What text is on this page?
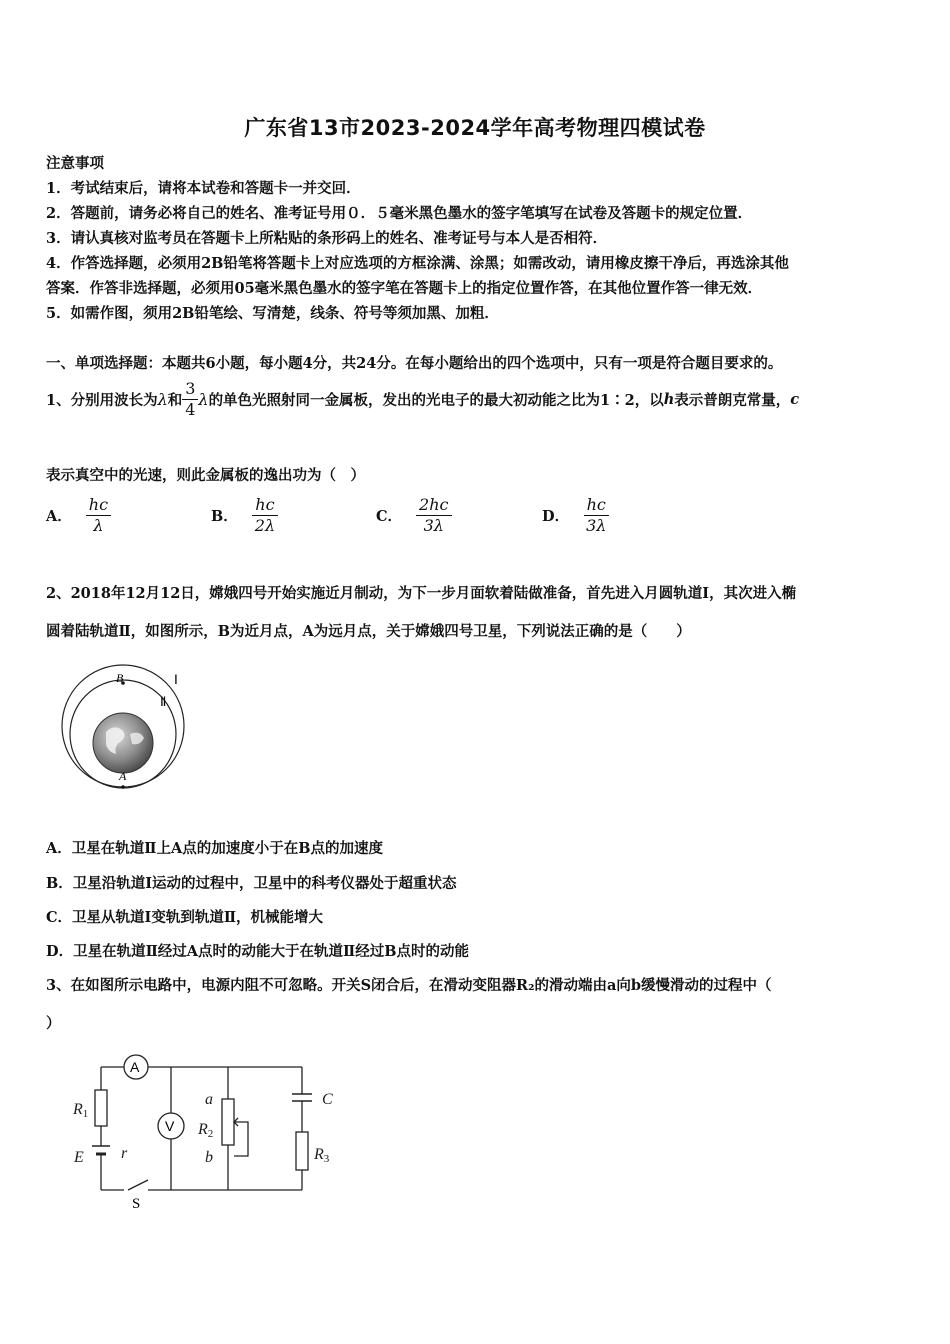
广东省13市2023-2024学年高考物理四模试卷
注意事项
1．考试结束后，请将本试卷和答题卡一并交回．
2．答题前，请务必将自己的姓名、准考证号用０．５毫米黑色墨水的签字笔填写在试卷及答题卡的规定位置．
3．请认真核对监考员在答题卡上所粘贴的条形码上的姓名、准考证号与本人是否相符．
4．作答选择题，必须用2B铅笔将答题卡上对应选项的方框涂满、涂黑；如需改动，请用橡皮擦干净后，再选涂其他
答案．作答非选择题，必须用05毫米黑色墨水的签字笔在答题卡上的指定位置作答，在其他位置作答一律无效．
5．如需作图，须用2B铅笔绘、写清楚，线条、符号等须加黑、加粗．
一、单项选择题：本题共6小题，每小题4分，共24分。在每小题给出的四个选项中，只有一项是符合题目要求的。
1、分别用波长为 λ 和 $\frac{3}{4}$ λ 的单色光照射同一金属板，发出的光电子的最大初动能之比为1∶2，以 h 表示普朗克常量， c
表示真空中的光速，则此金属板的逸出功为（　）
A． $\frac{hc}{\lambda}$	B． $\frac{hc}{2\lambda}$	C． $\frac{2hc}{3\lambda}$	D． $\frac{hc}{3\lambda}$
2、2018年12月12日，嫦娥四号开始实施近月制动，为下一步月面软着陆做准备，首先进入月圆轨道Ⅰ，其次进入椭
圆着陆轨道Ⅱ，如图所示，B为近月点，A为远月点，关于嫦娥四号卫星，下列说法正确的是（　　）
B
A
Ⅰ
Ⅱ
A．卫星在轨道Ⅱ上A点的加速度小于在B点的加速度
B．卫星沿轨道Ⅰ运动的过程中，卫星中的科考仪器处于超重状态
C．卫星从轨道Ⅰ变轨到轨道Ⅱ，机械能增大
D．卫星在轨道Ⅱ经过A点时的动能大于在轨道Ⅱ经过B点时的动能
3、在如图所示电路中，电源内阻不可忽略。开关S闭合后，在滑动变阻器R₂的滑动端由a向b缓慢滑动的过程中（
）
A
V
R1
E r
a
R2
b
C
R3
S
